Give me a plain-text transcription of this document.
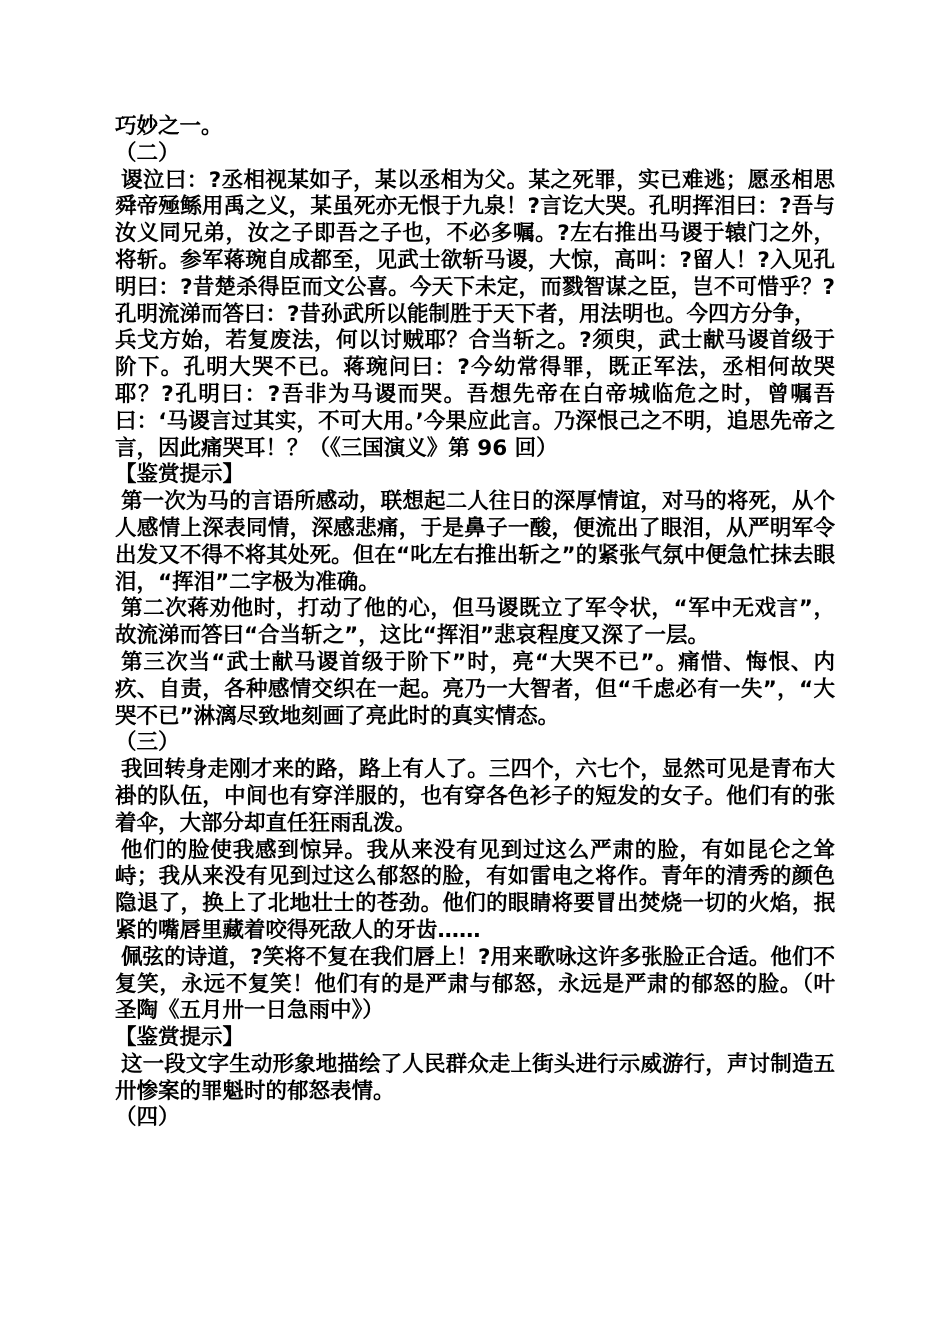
巧妙之一。

（二）

谡泣曰：?丞相视某如子，某以丞相为父。某之死罪，实已难逃；愿丞相思舜帝殛鲧用禹之义，某虽死亦无恨于九泉！?言讫大哭。孔明挥泪曰：?吾与汝义同兄弟，汝之子即吾之子也，不必多嘱。?左右推出马谡于辕门之外，将斩。参军蒋琬自成都至，见武士欲斩马谡，大惊，高叫：?留人！?入见孔明曰：?昔楚杀得臣而文公喜。今天下未定，而戮智谋之臣，岂不可惜乎？?孔明流涕而答曰：?昔孙武所以能制胜于天下者，用法明也。今四方分争，

兵戈方始，若复废法，何以讨贼耶？合当斩之。?须臾，武士献马谡首级于阶下。孔明大哭不已。蒋琬问曰：?今幼常得罪，既正军法，丞相何故哭耶？?孔明曰：?吾非为马谡而哭。吾想先帝在白帝城临危之时，曾嘱吾曰：‘马谡言过其实，不可大用。’今果应此言。乃深恨己之不明，追思先帝之言，因此痛哭耳！？（《三国演义》第 96 回）

【鉴赏提示】

第一次为马的言语所感动，联想起二人往日的深厚情谊，对马的将死，从个人感情上深表同情，深感悲痛，于是鼻子一酸，便流出了眼泪，从严明军令出发又不得不将其处死。但在“叱左右推出斩之”的紧张气氛中便急忙抹去眼泪，“挥泪”二字极为准确。

第二次蒋劝他时，打动了他的心，但马谡既立了军令状，“军中无戏言”，故流涕而答曰“合当斩之”，这比“挥泪”悲哀程度又深了一层。

第三次当“武士献马谡首级于阶下”时，亮“大哭不已”。痛惜、悔恨、内疚、自责，各种感情交织在一起。亮乃一大智者，但“千虑必有一失”，“大哭不已”淋漓尽致地刻画了亮此时的真实情态。

（三）

我回转身走刚才来的路，路上有人了。三四个，六七个，显然可见是青布大褂的队伍，中间也有穿洋服的，也有穿各色衫子的短发的女子。他们有的张着伞，大部分却直任狂雨乱泼。

他们的脸使我感到惊异。我从来没有见到过这么严肃的脸，有如昆仑之耸峙；我从来没有见到过这么郁怒的脸，有如雷电之将作。青年的清秀的颜色隐退了，换上了北地壮士的苍劲。他们的眼睛将要冒出焚烧一切的火焰，抿紧的嘴唇里藏着咬得死敌人的牙齿……

佩弦的诗道，?笑将不复在我们唇上！?用来歌咏这许多张脸正合适。他们不复笑，永远不复笑！他们有的是严肃与郁怒，永远是严肃的郁怒的脸。（叶圣陶《五月卅一日急雨中》）

【鉴赏提示】

这一段文字生动形象地描绘了人民群众走上街头进行示威游行，声讨制造五卅惨案的罪魁时的郁怒表情。

（四）
